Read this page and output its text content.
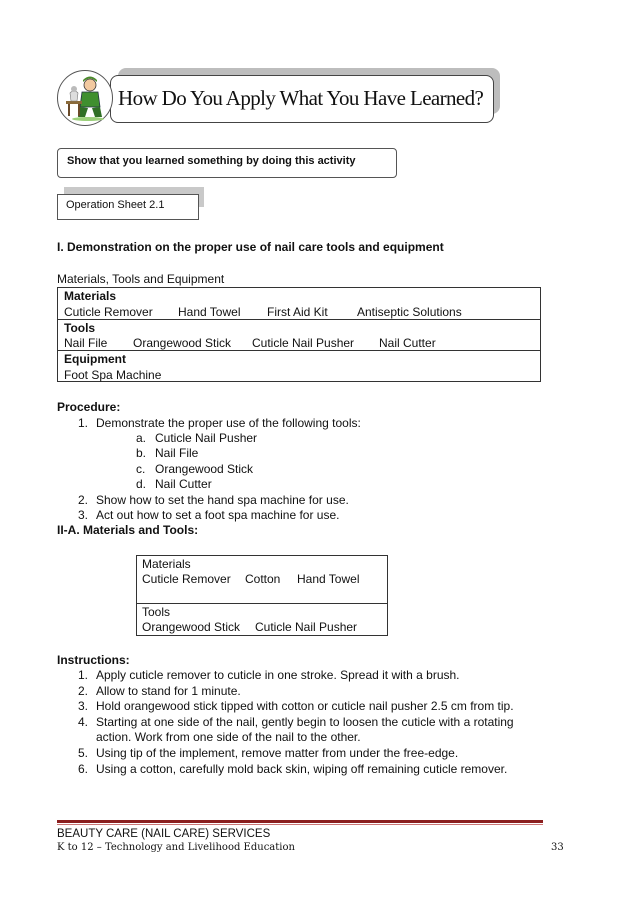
How Do You Apply What You Have Learned?
Show that you learned something by doing this activity
Operation Sheet 2.1
I. Demonstration on the proper use of nail care tools and equipment
Materials, Tools and Equipment
Materials
Cuticle Remover Hand Towel First Aid Kit Antiseptic Solutions
Tools
Nail File Orangewood Stick Cuticle Nail Pusher Nail Cutter
Equipment
Foot Spa Machine
Procedure:
1. Demonstrate the proper use of the following tools:
a. Cuticle Nail Pusher
b. Nail File
c. Orangewood Stick
d. Nail Cutter
2. Show how to set the hand spa machine for use.
3. Act out how to set a foot spa machine for use.
II-A. Materials and Tools:
Materials
Cuticle Remover Cotton Hand Towel
Tools
Orangewood Stick Cuticle Nail Pusher
Instructions:
1. Apply cuticle remover to cuticle in one stroke. Spread it with a brush.
2. Allow to stand for 1 minute.
3. Hold orangewood stick tipped with cotton or cuticle nail pusher 2.5 cm from tip.
4. Starting at one side of the nail, gently begin to loosen the cuticle with a rotating
action. Work from one side of the nail to the other.
5. Using tip of the implement, remove matter from under the free-edge.
6. Using a cotton, carefully mold back skin, wiping off remaining cuticle remover.
BEAUTY CARE (NAIL CARE) SERVICES
K to 12 – Technology and Livelihood Education	33
